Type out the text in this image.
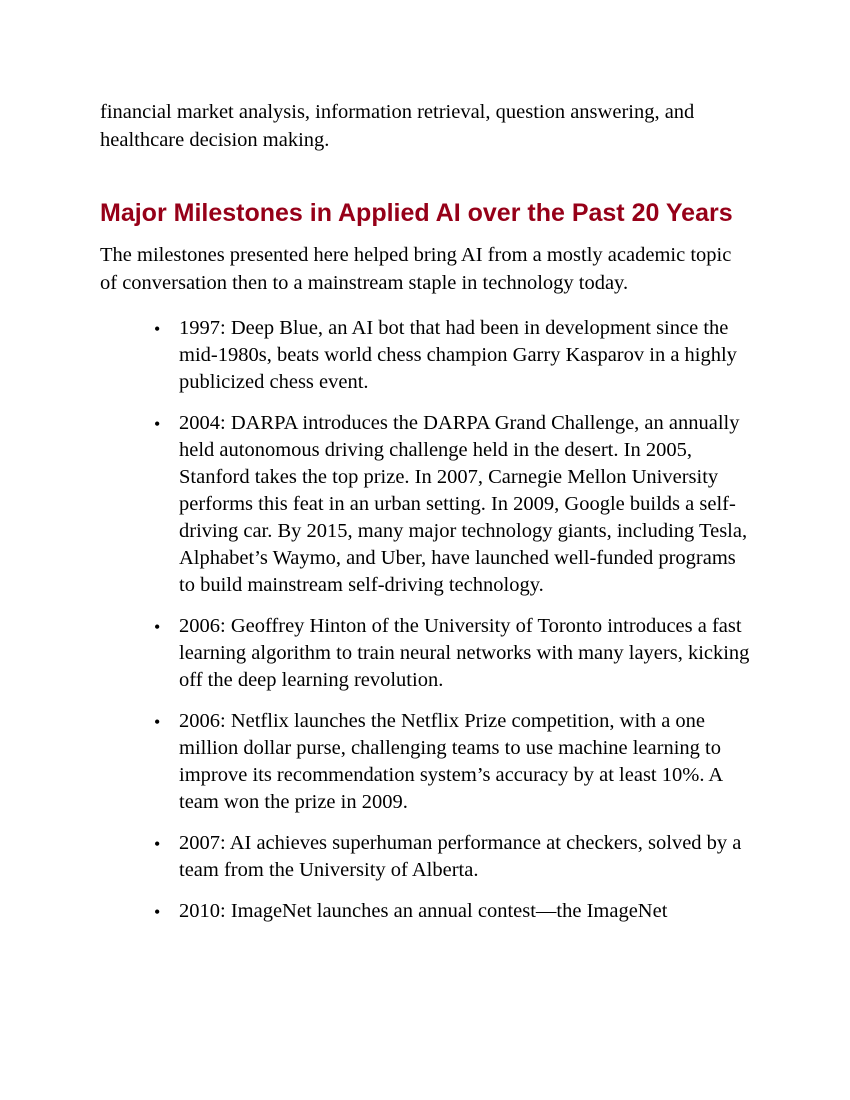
financial market analysis, information retrieval, question answering, and healthcare decision making.

Major Milestones in Applied AI over the Past 20 Years

The milestones presented here helped bring AI from a mostly academic topic of conversation then to a mainstream staple in technology today.

• 1997: Deep Blue, an AI bot that had been in development since the mid-1980s, beats world chess champion Garry Kasparov in a highly publicized chess event.
• 2004: DARPA introduces the DARPA Grand Challenge, an annually held autonomous driving challenge held in the desert. In 2005, Stanford takes the top prize. In 2007, Carnegie Mellon University performs this feat in an urban setting. In 2009, Google builds a self-driving car. By 2015, many major technology giants, including Tesla, Alphabet’s Waymo, and Uber, have launched well-funded programs to build mainstream self-driving technology.
• 2006: Geoffrey Hinton of the University of Toronto introduces a fast learning algorithm to train neural networks with many layers, kicking off the deep learning revolution.
• 2006: Netflix launches the Netflix Prize competition, with a one million dollar purse, challenging teams to use machine learning to improve its recommendation system’s accuracy by at least 10%. A team won the prize in 2009.
• 2007: AI achieves superhuman performance at checkers, solved by a team from the University of Alberta.
• 2010: ImageNet launches an annual contest—the ImageNet
